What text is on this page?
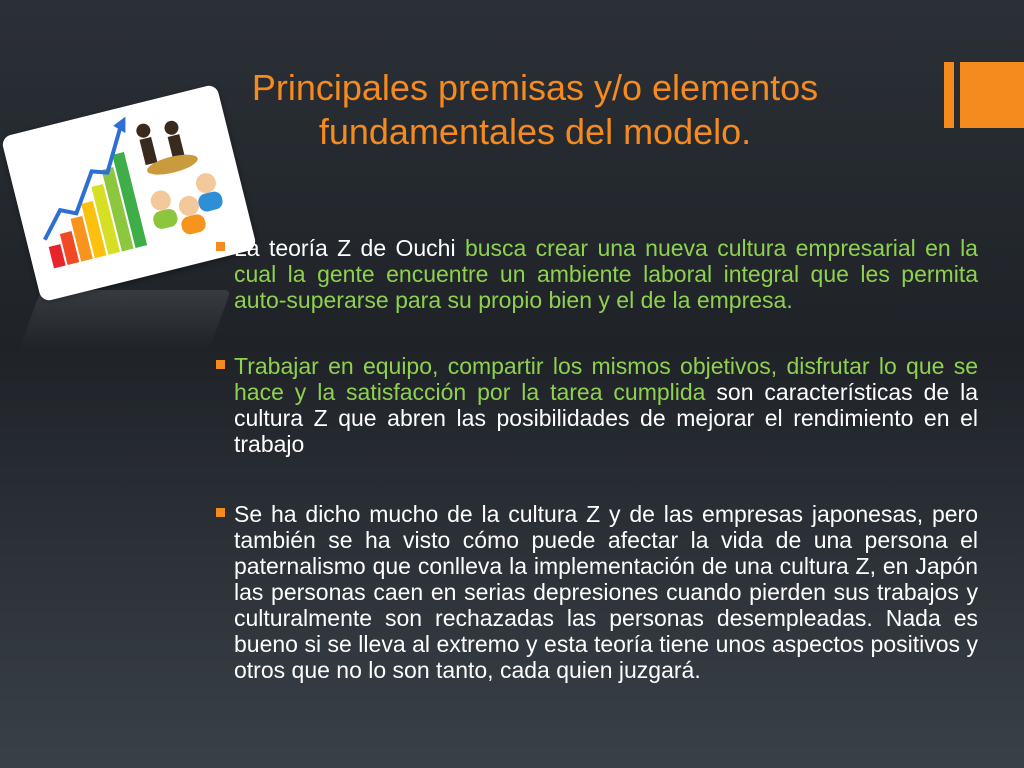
Principales premisas y/o elementos fundamentales del modelo.

La teoría Z de Ouchi busca crear una nueva cultura empresarial en la cual la gente encuentre un ambiente laboral integral que les permita auto-superarse para su propio bien y el de la empresa.

Trabajar en equipo, compartir los mismos objetivos, disfrutar lo que se hace y la satisfacción por la tarea cumplida son características de la cultura Z que abren las posibilidades de mejorar el rendimiento en el trabajo

Se ha dicho mucho de la cultura Z y de las empresas japonesas, pero también se ha visto cómo puede afectar la vida de una persona el paternalismo que conlleva la implementación de una cultura Z, en Japón las personas caen en serias depresiones cuando pierden sus trabajos y culturalmente son rechazadas las personas desempleadas. Nada es bueno si se lleva al extremo y esta teoría tiene unos aspectos positivos y otros que no lo son tanto, cada quien juzgará.
